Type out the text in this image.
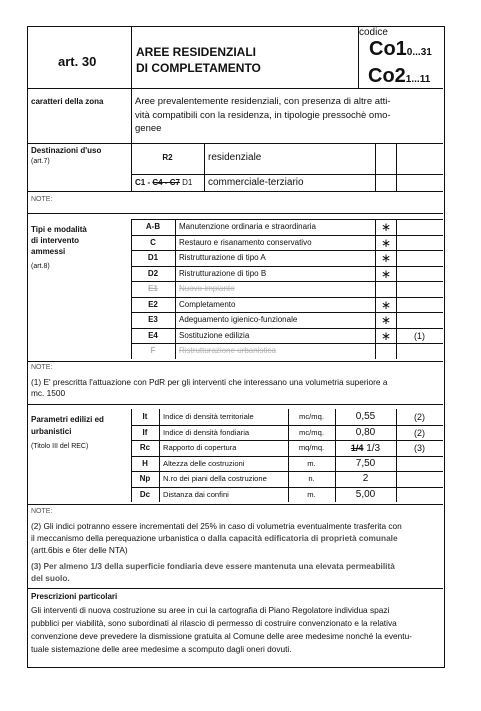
art. 30
AREE RESIDENZIALI
DI COMPLETAMENTO
codice
Co10...31
Co21...11
caratteri della zona	Aree prevalentemente residenziali, con presenza di altre atti-
vità compatibili con la residenza, in tipologie pressochè omo-
genee
Destinazioni d'uso
(art.7)	R2	residenziale
C1 - C4 - C7 D1 commerciale-terziario
NOTE:
Tipi e modalità
di intervento
ammessi
(art.8)
NOTE:
(1) E' prescritta l'attuazione con PdR per gli interventi che interessano una volumetria superiore a
mc. 1500
Parametri edilizi ed
urbanistici
(Titolo III del REC)
NOTE:
(2) Gli indici potranno essere incrementati del 25% in caso di volumetria eventualmente trasferita con
il meccanismo della perequazione urbanistica o dalla capacità edificatoria di proprietà comunale
(artt.6bis e 6ter delle NTA)
(3) Per almeno 1/3 della superficie fondiaria deve essere mantenuta una elevata permeabilità
del suolo.
Prescrizioni particolari
Gli interventi di nuova costruzione su aree in cui la cartografia di Piano Regolatore individua spazi
pubblici per viabilità, sono subordinati al rilascio di permesso di costruire convenzionato e la relativa
convenzione deve prevedere la dismissione gratuita al Comune delle aree medesime nonché la eventu-
tuale sistemazione delle aree medesime a scomputo dagli oneri dovuti.
A-B	Manutenzione ordinaria e straordinaria	∗
C	Restauro e risanamento conservativo	∗
D1	Ristrutturazione di tipo A	∗
D2	Ristrutturazione di tipo B	∗
E1	Nuovo impianto
E2	Completamento	∗
E3	Adeguamento igienico-funzionale	∗
E4	Sostituzione edilizia	∗	(1)
F	Ristrutturazione urbanistica
It	Indice di densità territoriale	mc/mq.	0,55	(2)
If	Indice di densità fondiaria	mc/mq.	0,80	(2)
Rc	Rapporto di copertura	mq/mq.	1/4 1/3	(3)
H	Altezza delle costruzioni	m.	7,50
Np	N.ro dei piani della costruzione	n.	2
Dc	Distanza dai confini	m.	5,00
